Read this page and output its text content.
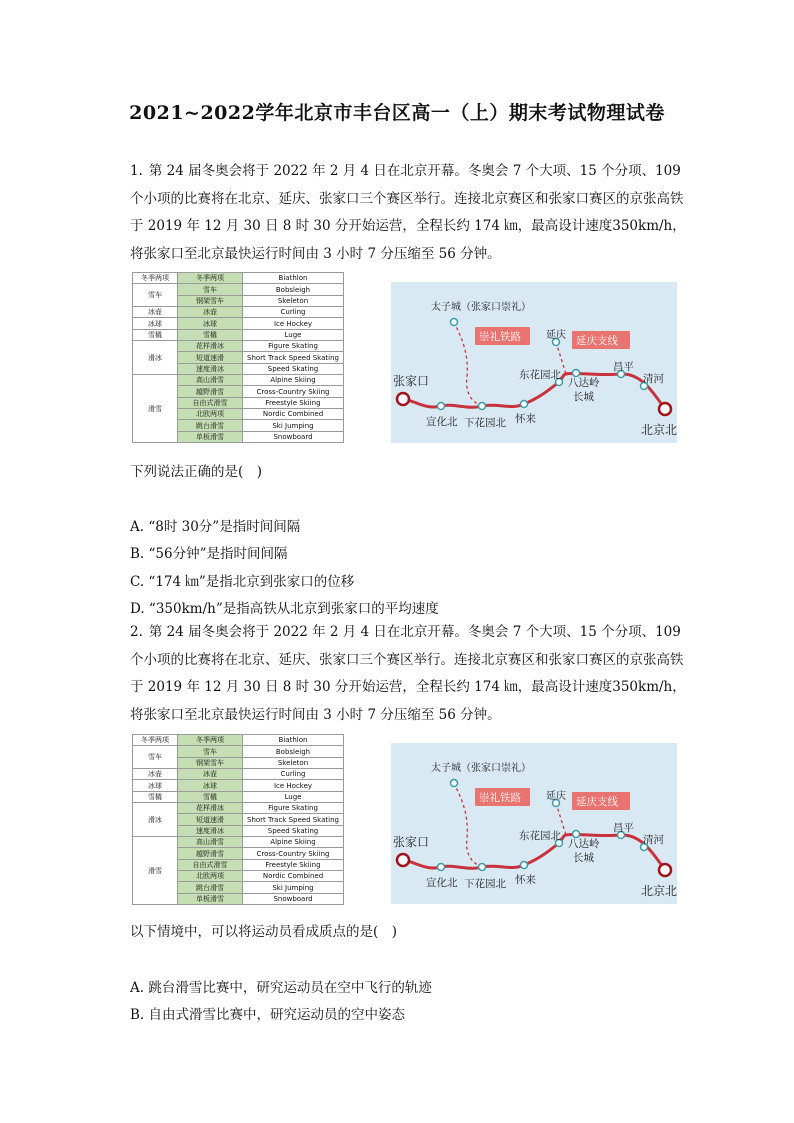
2021~2022学年北京市丰台区高一（上）期末考试物理试卷
1. 第 24 届冬奥会将于 2022 年 2 月 4 日在北京开幕。冬奥会 7 个大项、15 个分项、109 个小项的比赛将在北京、延庆、张家口三个赛区举行。连接北京赛区和张家口赛区的京张高铁于 2019 年 12 月 30 日 8 时 30 分开始运营，全程长约 174 ㎞，最高设计速度350km/h，将张家口至北京最快运行时间由 3 小时 7 分压缩至 56 分钟。
冬季两项	冬季两项	Biathlon
雪车	雪车	Bobsleigh
	钢架雪车	Skeleton
冰壶	冰壶	Curling
冰球	冰球	Ice Hockey
雪橇	雪橇	Luge
滑冰	花样滑冰	Figure Skating
	短道速滑	Short Track Speed Skating
	速度滑冰	Speed Skating
滑雪	高山滑雪	Alpine Skiing
	越野滑雪	Cross-Country Skiing
	自由式滑雪	Freestyle Skiing
	北欧两项	Nordic Combined
	跳台滑雪	Ski Jumping
	单板滑雪	Snowboard
太子城（张家口崇礼）
崇礼铁路	延庆支线
延庆
张家口
宣化北 下花园北 怀来
东花园北
八达岭
长城
昌平
清河
北京北
下列说法正确的是(　)
A. “8时 30分”是指时间间隔
B. “56分钟”是指时间间隔
C. “174 ㎞”是指北京到张家口的位移
D. “350km/h”是指高铁从北京到张家口的平均速度
2. 第 24 届冬奥会将于 2022 年 2 月 4 日在北京开幕。冬奥会 7 个大项、15 个分项、109 个小项的比赛将在北京、延庆、张家口三个赛区举行。连接北京赛区和张家口赛区的京张高铁于 2019 年 12 月 30 日 8 时 30 分开始运营，全程长约 174 ㎞，最高设计速度350km/h，将张家口至北京最快运行时间由 3 小时 7 分压缩至 56 分钟。
冬季两项	冬季两项	Biathlon
雪车	雪车	Bobsleigh
	钢架雪车	Skeleton
冰壶	冰壶	Curling
冰球	冰球	Ice Hockey
雪橇	雪橇	Luge
滑冰	花样滑冰	Figure Skating
	短道速滑	Short Track Speed Skating
	速度滑冰	Speed Skating
滑雪	高山滑雪	Alpine Skiing
	越野滑雪	Cross-Country Skiing
	自由式滑雪	Freestyle Skiing
	北欧两项	Nordic Combined
	跳台滑雪	Ski Jumping
	单板滑雪	Snowboard
太子城（张家口崇礼）
崇礼铁路	延庆支线
延庆
张家口
宣化北 下花园北 怀来
东花园北
八达岭
长城
昌平
清河
北京北
以下情境中，可以将运动员看成质点的是(　)
A. 跳台滑雪比赛中，研究运动员在空中飞行的轨迹
B. 自由式滑雪比赛中，研究运动员的空中姿态
